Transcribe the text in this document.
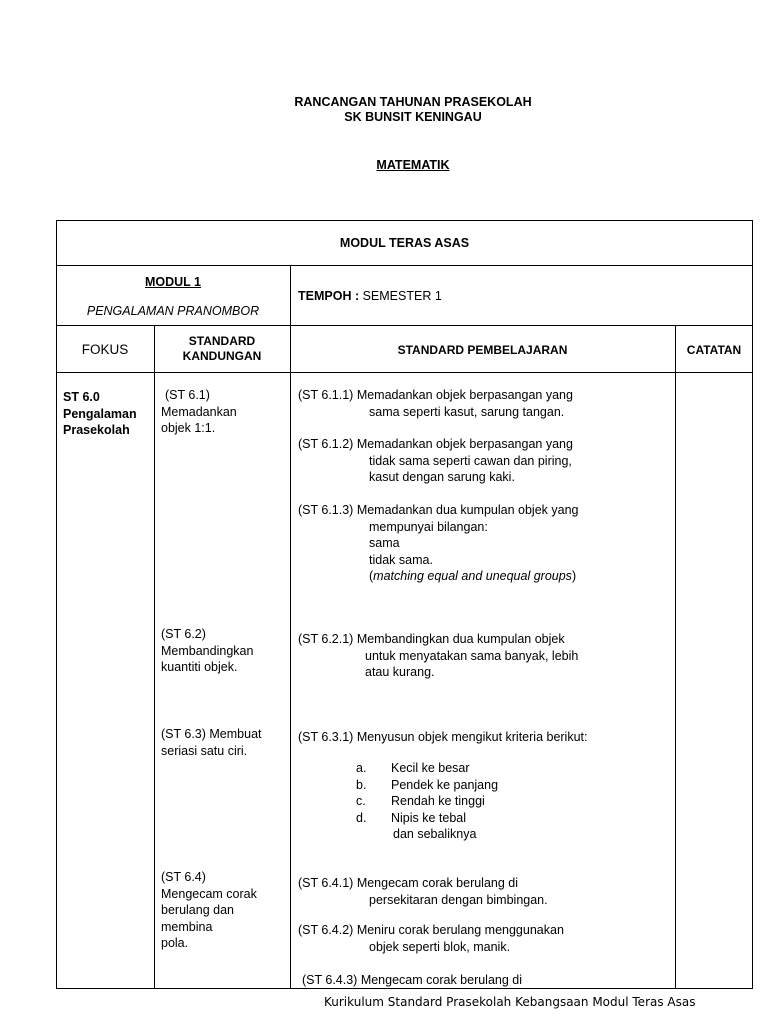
RANCANGAN TAHUNAN PRASEKOLAH
SK BUNSIT KENINGAU
MATEMATIK
MODUL TERAS ASAS
MODUL 1
PENGALAMAN PRANOMBOR
TEMPOH : SEMESTER 1
FOKUS
STANDARD
KANDUNGAN	STANDARD PEMBELAJARAN	CATATAN
ST 6.0
Pengalaman
Prasekolah
(ST 6.1)
Memadankan
objek 1:1.
(ST 6.2)
Membandingkan
kuantiti objek.
(ST 6.3) Membuat
seriasi satu ciri.
(ST 6.4)
Mengecam corak
berulang dan
membina
pola.
(ST 6.1.1) Memadankan objek berpasangan yang
sama seperti kasut, sarung tangan.
(ST 6.1.2) Memadankan objek berpasangan yang
tidak sama seperti cawan dan piring,
kasut dengan sarung kaki.
(ST 6.1.3) Memadankan dua kumpulan objek yang
mempunyai bilangan:
sama
tidak sama.
(matching equal and unequal groups)
(ST 6.2.1) Membandingkan dua kumpulan objek
untuk menyatakan sama banyak, lebih
atau kurang.
(ST 6.3.1) Menyusun objek mengikut kriteria berikut:
a. Kecil ke besar
b. Pendek ke panjang
c. Rendah ke tinggi
d. Nipis ke tebal
dan sebaliknya
(ST 6.4.1) Mengecam corak berulang di
persekitaran dengan bimbingan.
(ST 6.4.2) Meniru corak berulang menggunakan
objek seperti blok, manik.
(ST 6.4.3) Mengecam corak berulang di
Kurikulum Standard Prasekolah Kebangsaan Modul Teras Asas
